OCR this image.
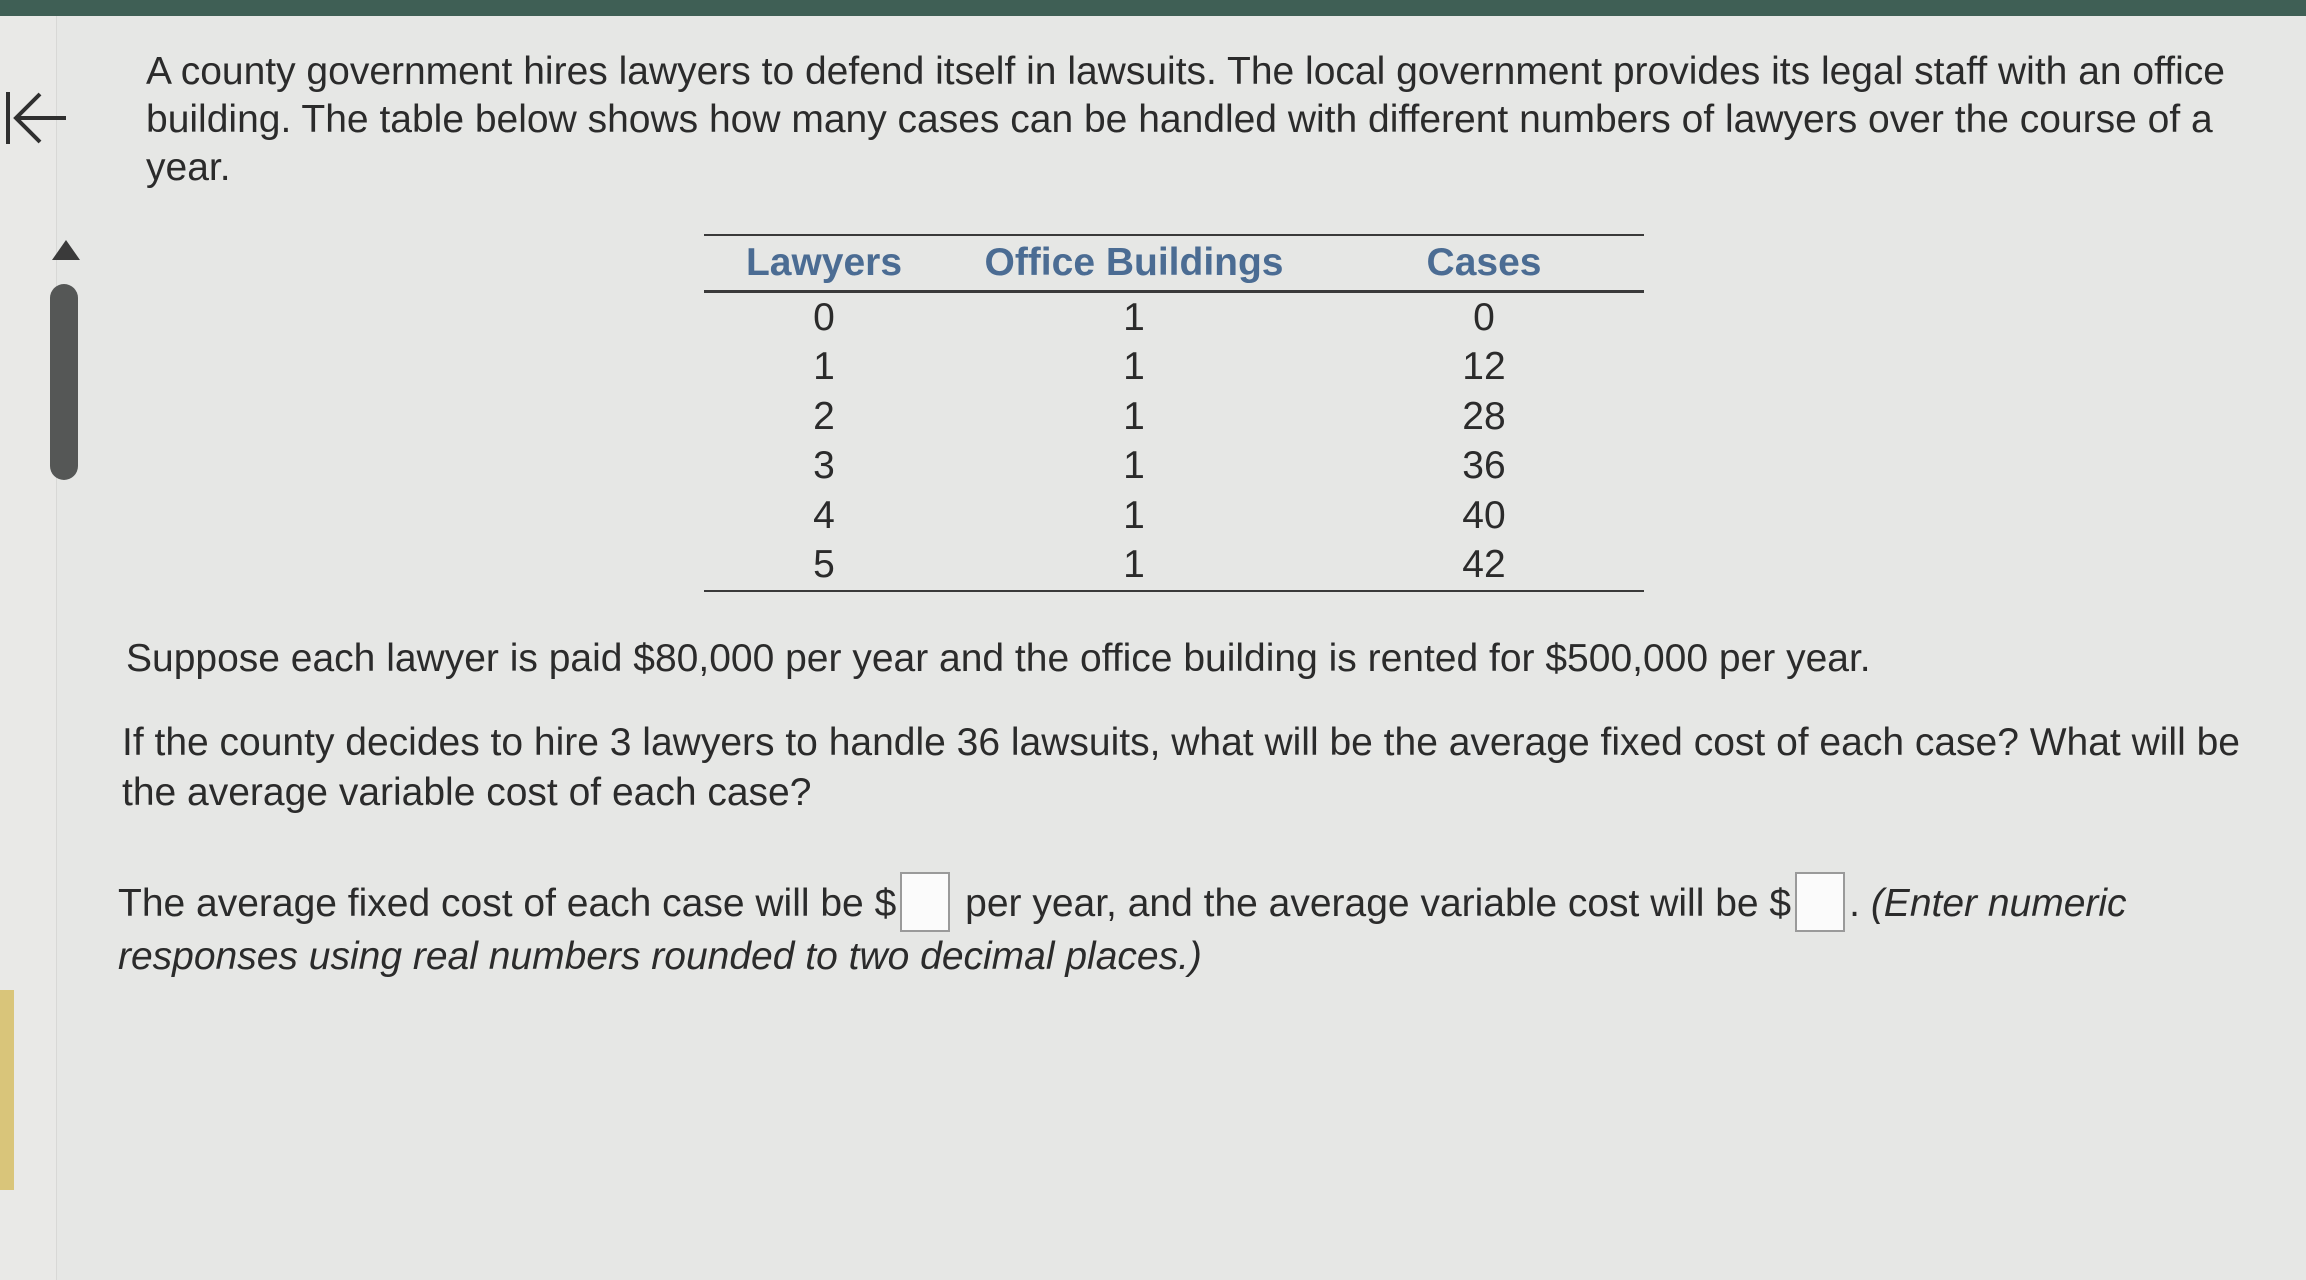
A county government hires lawyers to defend itself in lawsuits. The local government provides its legal staff with an office building. The table below shows how many cases can be handled with different numbers of lawyers over the course of a year.

Lawyers	Office Buildings	Cases
0	1	0
1	1	12
2	1	28
3	1	36
4	1	40
5	1	42
Suppose each lawyer is paid $80,000 per year and the office building is rented for $500,000 per year.
If the county decides to hire 3 lawyers to handle 36 lawsuits, what will be the average fixed cost of each case? What will be the average variable cost of each case?
The average fixed cost of each case will be $ per year, and the average variable cost will be $ . (Enter numeric responses using real numbers rounded to two decimal places.)
